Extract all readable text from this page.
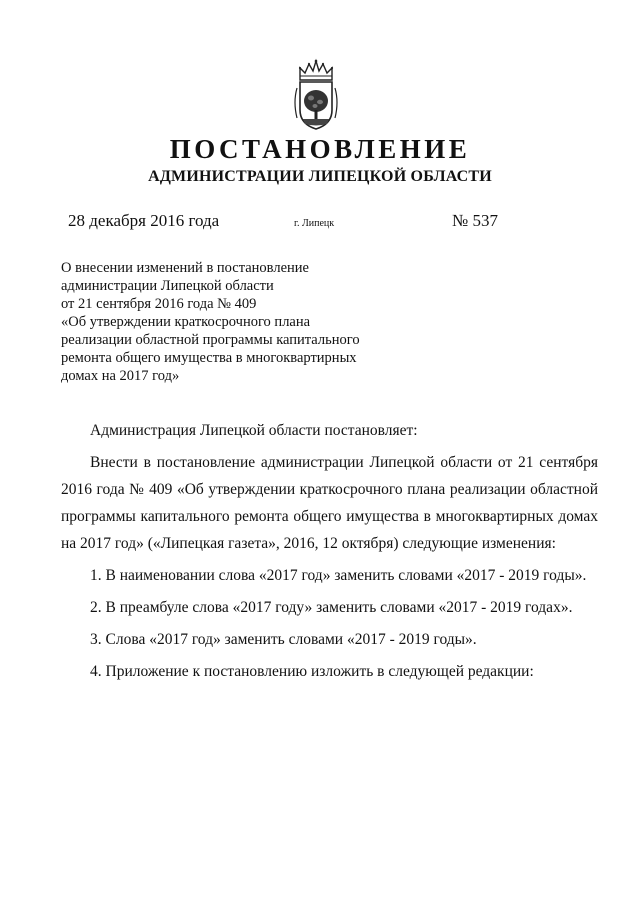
ПОСТАНОВЛЕНИЕ
АДМИНИСТРАЦИИ ЛИПЕЦКОЙ ОБЛАСТИ
28 декабря 2016 года	г. Липецк	№ 537
О внесении изменений в постановление
администрации Липецкой области
от 21 сентября 2016 года № 409
«Об утверждении краткосрочного плана
реализации областной программы капитального
ремонта общего имущества в многоквартирных
домах на 2017 год»

Администрация Липецкой области постановляет:

Внести в постановление администрации Липецкой области от 21 сентября 2016 года № 409 «Об утверждении краткосрочного плана реализации областной программы капитального ремонта общего имущества в многоквартирных домах на 2017 год» («Липецкая газета», 2016, 12 октября) следующие изменения:

1. В наименовании слова «2017 год» заменить словами «2017 - 2019 годы».

2. В преамбуле слова «2017 году» заменить словами «2017 - 2019 годах».

3. Слова «2017 год» заменить словами «2017 - 2019 годы».

4. Приложение к постановлению изложить в следующей редакции:
